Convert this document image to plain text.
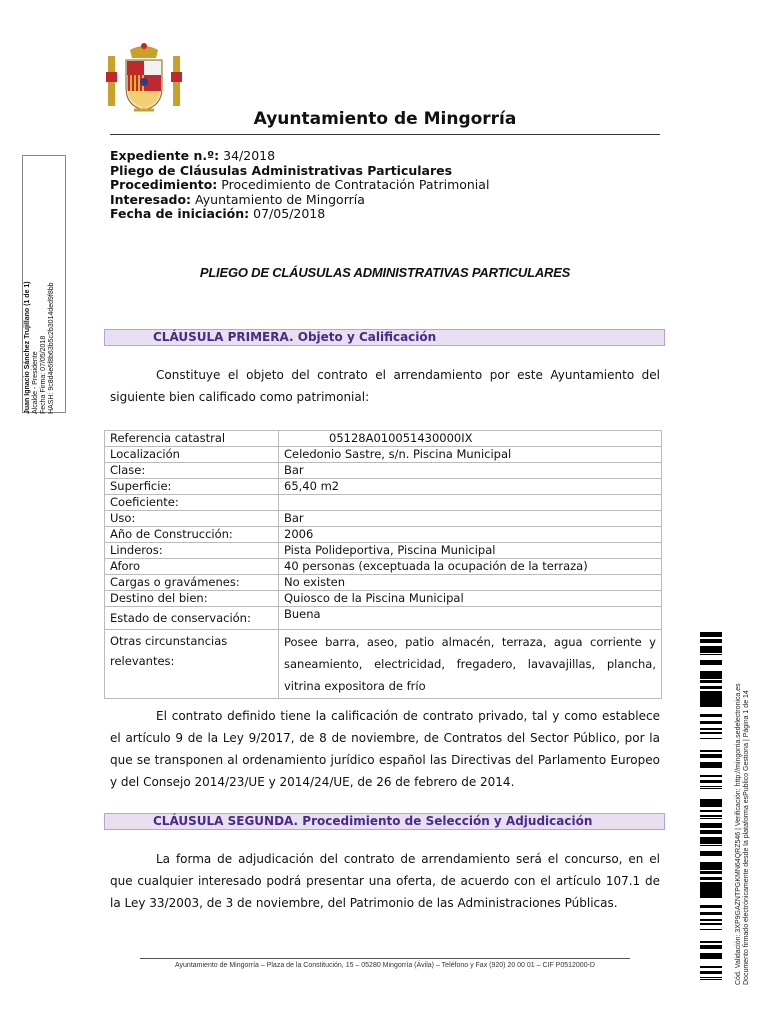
Ayuntamiento de Mingorría
Expediente n.º: 34/2018
Pliego de Cláusulas Administrativas Particulares
Procedimiento: Procedimiento de Contratación Patrimonial
Interesado: Ayuntamiento de Mingorría
Fecha de iniciación: 07/05/2018
PLIEGO DE CLÁUSULAS ADMINISTRATIVAS PARTICULARES
CLÁUSULA PRIMERA. Objeto y Calificación
Constituye el objeto del contrato el arrendamiento por este Ayuntamiento del siguiente bien calificado como patrimonial:
Referencia catastral	05128A010051430000IX
Localización	Celedonio Sastre, s/n. Piscina Municipal
Clase:	Bar
Superficie:	65,40 m2
Coeficiente:	
Uso:	Bar
Año de Construcción:	2006
Linderos:	Pista Polideportiva, Piscina Municipal
Aforo	40 personas (exceptuada la ocupación de la terraza)
Cargas o gravámenes:	No existen
Destino del bien:	Quiosco de la Piscina Municipal
Estado de conservación:	Buena
Otras circunstancias relevantes:	Posee barra, aseo, patio almacén, terraza, agua corriente y saneamiento, electricidad, fregadero, lavavajillas, plancha, vitrina expositora de frío
El contrato definido tiene la calificación de contrato privado, tal y como establece el artículo 9 de la Ley 9/2017, de 8 de noviembre, de Contratos del Sector Público, por la que se transponen al ordenamiento jurídico español las Directivas del Parlamento Europeo y del Consejo 2014/23/UE y 2014/24/UE, de 26 de febrero de 2014.
CLÁUSULA SEGUNDA. Procedimiento de Selección y Adjudicación
La forma de adjudicación del contrato de arrendamiento será el concurso, en el que cualquier interesado podrá presentar una oferta, de acuerdo con el artículo 107.1 de la Ley 33/2003, de 3 de noviembre, del Patrimonio de las Administraciones Públicas.
Juan Ignacio Sánchez Trujillano (1 de 1) Alcalde - Presidente Fecha Firma: 07/05/2018 HASH: 9c8d4e6f8b63b5c2b3014ded9f8bb
Cód. Validación: 3XP9GAZNTPGKMN64QRZ546 | Verificación: http://mingorria.sedelectronica.es Documento firmado electrónicamente desde la plataforma esPublico Gestiona | Página 1 de 14
Ayuntamiento de Mingorría – Plaza de la Constitución, 15 – 05280 Mingorría (Ávila) – Teléfono y Fax (920) 20 00 01 – CIF P0512000-D
